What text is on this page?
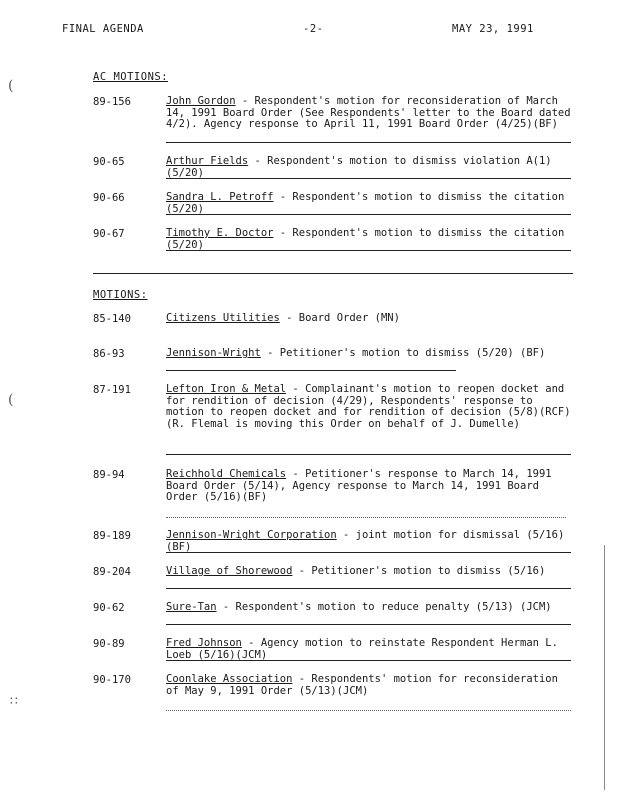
FINAL AGENDA	-2-	MAY 23, 1991
(
(
∷
AC MOTIONS:
89-156	John Gordon - Respondent's motion for reconsideration of March 14, 1991 Board Order (See Respondents' letter to the Board dated 4/2). Agency response to April 11, 1991 Board Order (4/25)(BF)
90-65	Arthur Fields - Respondent's motion to dismiss violation A(1) (5/20)
90-66	Sandra L. Petroff - Respondent's motion to dismiss the citation (5/20)
90-67	Timothy E. Doctor - Respondent's motion to dismiss the citation (5/20)
MOTIONS:
85-140	Citizens Utilities - Board Order (MN)
86-93	Jennison-Wright - Petitioner's motion to dismiss (5/20) (BF)
87-191	Lefton Iron & Metal - Complainant's motion to reopen docket and for rendition of decision (4/29), Respondents' response to motion to reopen docket and for rendition of decision (5/8)(RCF)(R. Flemal is moving this Order on behalf of J. Dumelle)
89-94	Reichhold Chemicals - Petitioner's response to March 14, 1991 Board Order (5/14), Agency response to March 14, 1991 Board Order (5/16)(BF)
89-189	Jennison-Wright Corporation - joint motion for dismissal (5/16)(BF)
89-204	Village of Shorewood - Petitioner's motion to dismiss (5/16)
90-62	Sure-Tan - Respondent's motion to reduce penalty (5/13) (JCM)
90-89	Fred Johnson - Agency motion to reinstate Respondent Herman L. Loeb (5/16)(JCM)
90-170	Coonlake Association - Respondents' motion for reconsideration of May 9, 1991 Order (5/13)(JCM)
